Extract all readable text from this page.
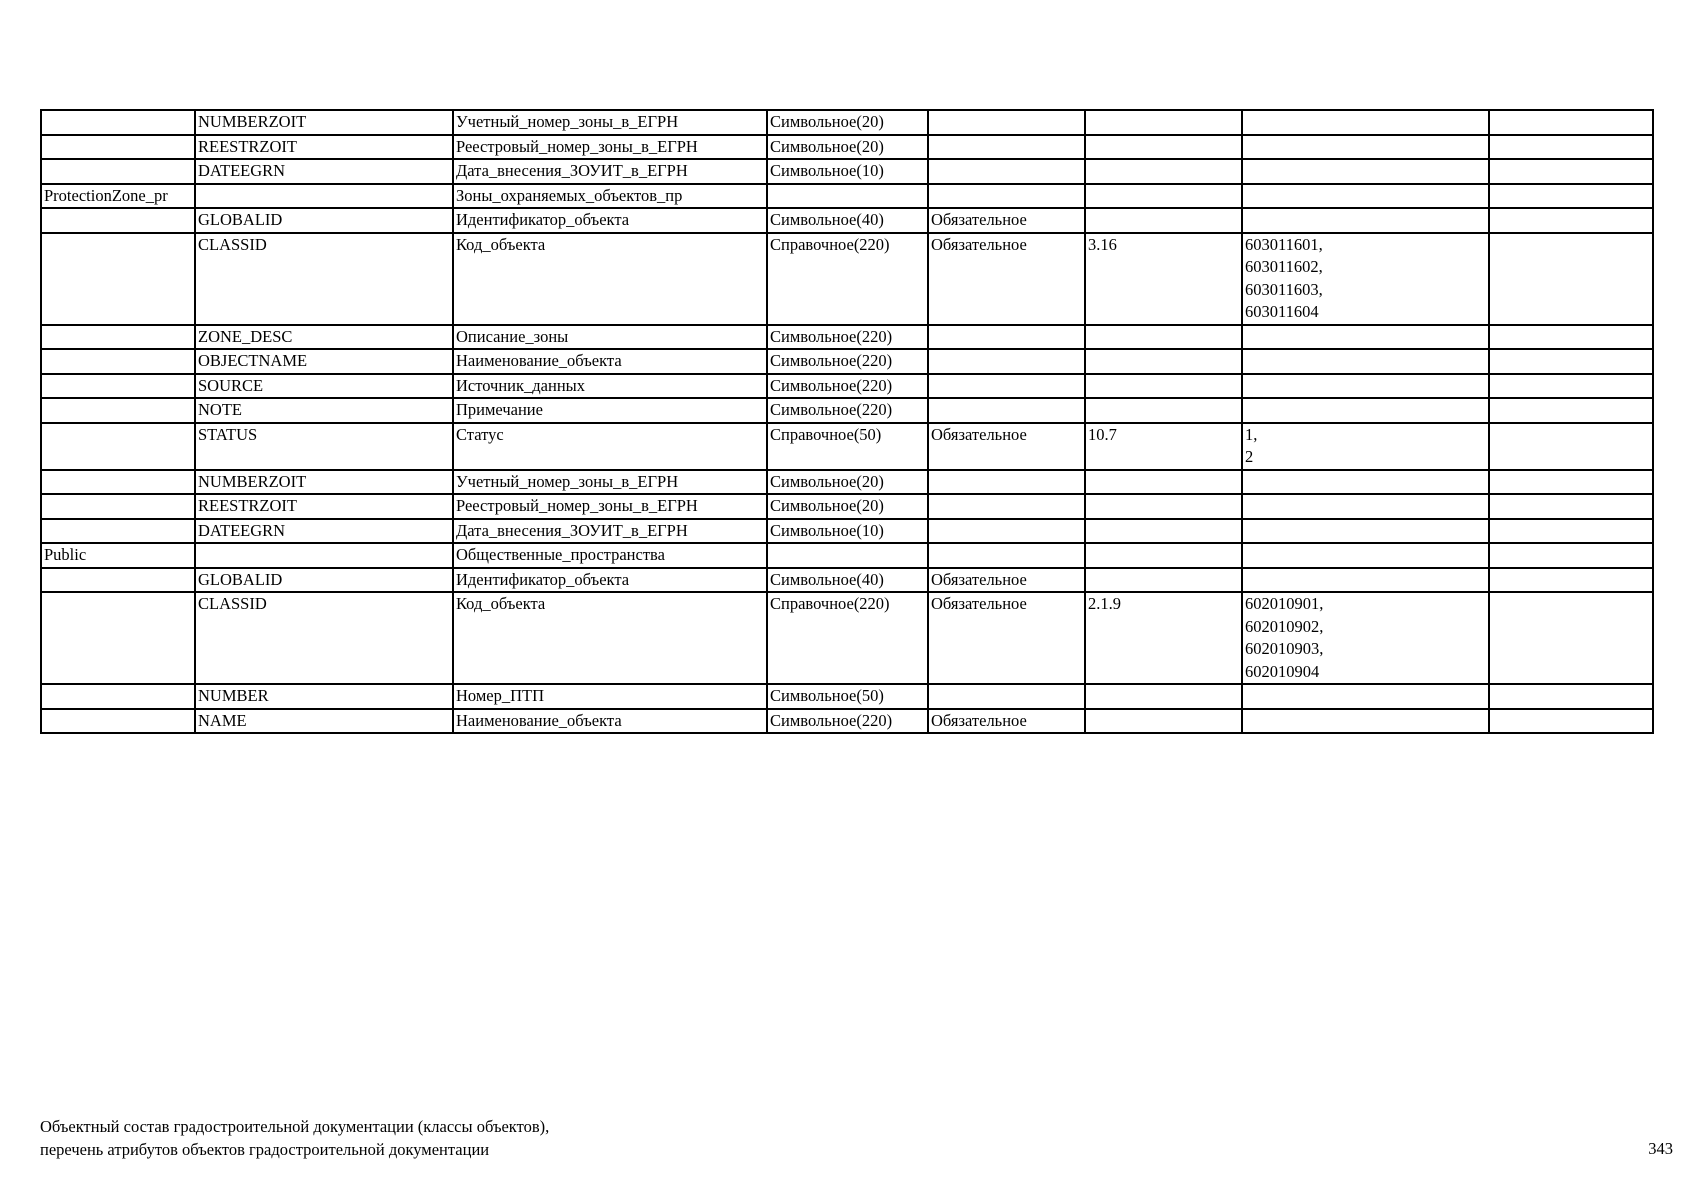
	NUMBERZOIT	Учетный_номер_зоны_в_ЕГРН	Символьное(20)				
	REESTRZOIT	Реестровый_номер_зоны_в_ЕГРН	Символьное(20)				
	DATEEGRN	Дата_внесения_ЗОУИТ_в_ЕГРН	Символьное(10)				
ProtectionZone_pr		Зоны_охраняемых_объектов_пр					
	GLOBALID	Идентификатор_объекта	Символьное(40)	Обязательное			
	CLASSID	Код_объекта	Справочное(220)	Обязательное	3.16	603011601,
603011602,
603011603,
603011604	
	ZONE_DESC	Описание_зоны	Символьное(220)				
	OBJECTNAME	Наименование_объекта	Символьное(220)				
	SOURCE	Источник_данных	Символьное(220)				
	NOTE	Примечание	Символьное(220)				
	STATUS	Статус	Справочное(50)	Обязательное	10.7	1,
2	
	NUMBERZOIT	Учетный_номер_зоны_в_ЕГРН	Символьное(20)				
	REESTRZOIT	Реестровый_номер_зоны_в_ЕГРН	Символьное(20)				
	DATEEGRN	Дата_внесения_ЗОУИТ_в_ЕГРН	Символьное(10)				
Public		Общественные_пространства					
	GLOBALID	Идентификатор_объекта	Символьное(40)	Обязательное			
	CLASSID	Код_объекта	Справочное(220)	Обязательное	2.1.9	602010901,
602010902,
602010903,
602010904	
	NUMBER	Номер_ПТП	Символьное(50)				
	NAME	Наименование_объекта	Символьное(220)	Обязательное			
Объектный состав градостроительной документации (классы объектов),
перечень атрибутов объектов градостроительной документации	343
